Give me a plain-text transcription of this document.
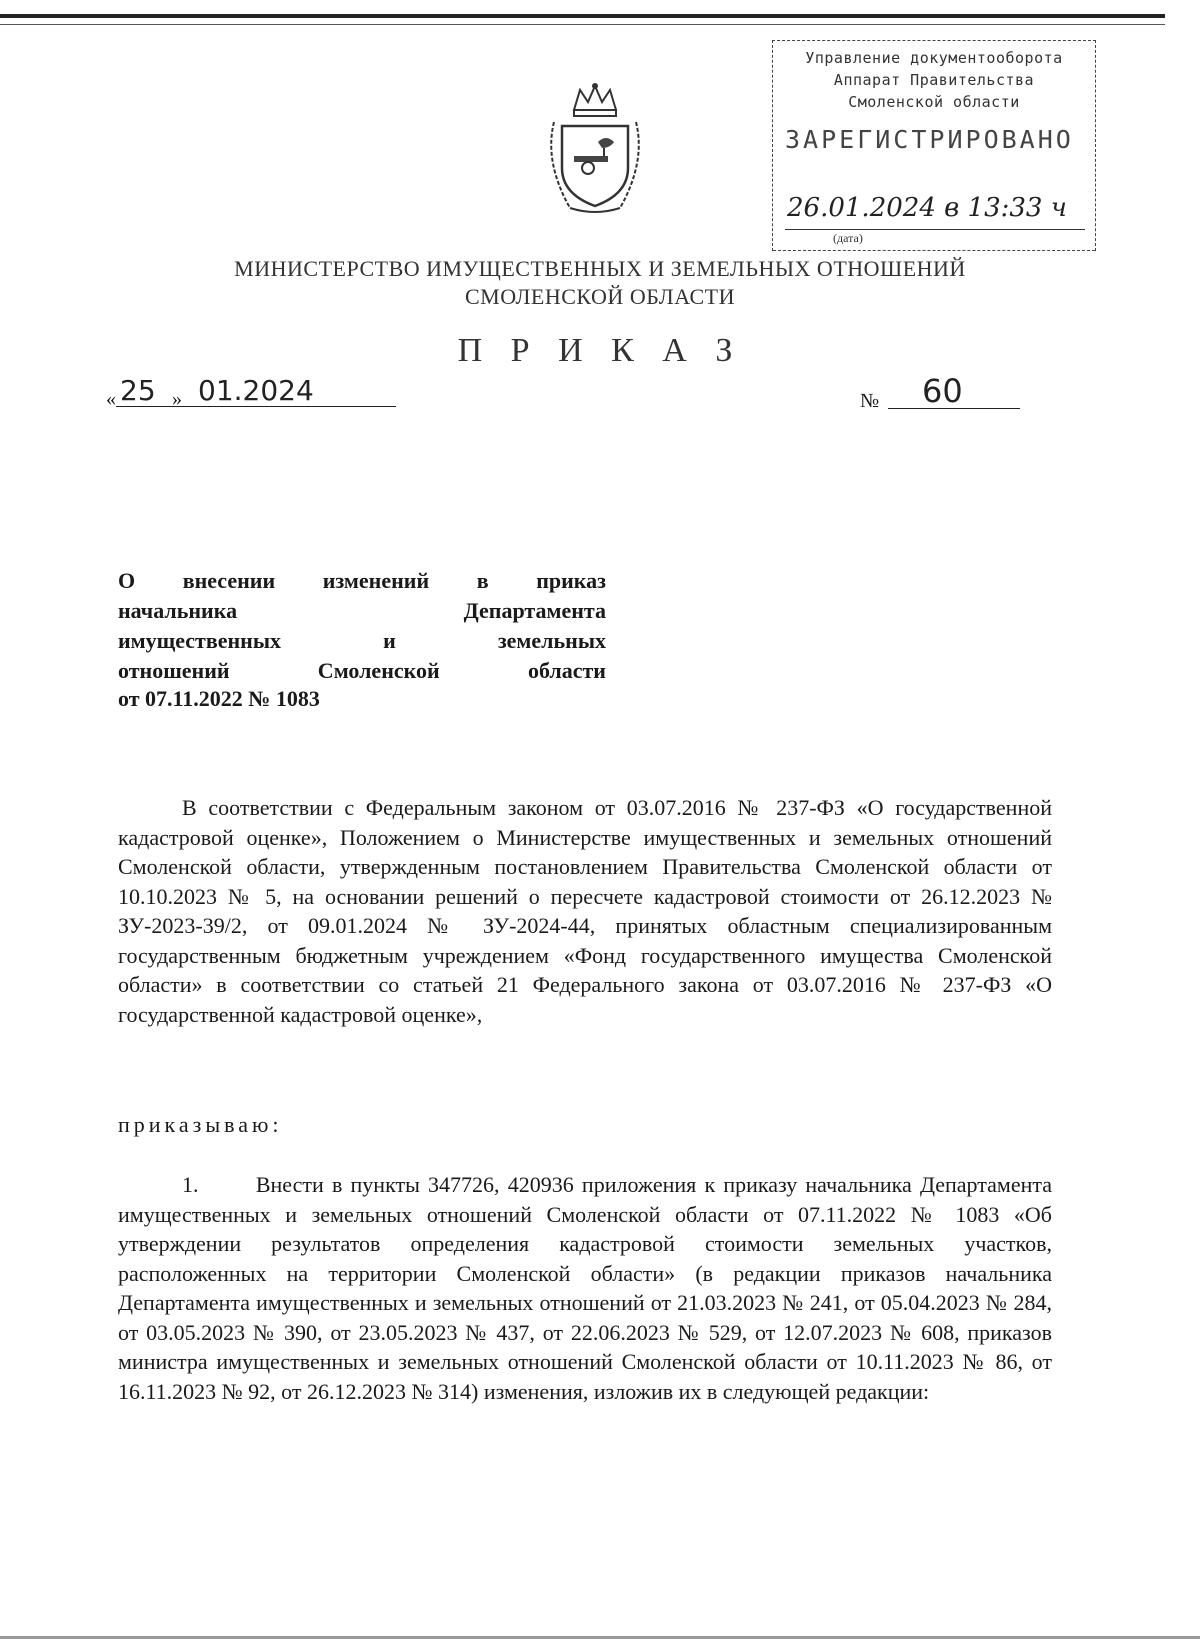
Управление документооборота
Аппарат Правительства
Смоленской области
ЗАРЕГИСТРИРОВАНО
26.01.2024 в 13:33 ч
(дата)
МИНИСТЕРСТВО ИМУЩЕСТВЕННЫХ И ЗЕМЕЛЬНЫХ ОТНОШЕНИЙ
СМОЛЕНСКОЙ ОБЛАСТИ
П Р И К А З
« 25 » 01.2024	№ 60
О внесении изменений в приказ
начальника Департамента
имущественных и земельных
отношений Смоленской области
от 07.11.2022 № 1083
В соответствии с Федеральным законом от 03.07.2016 № 237-ФЗ «О государственной кадастровой оценке», Положением о Министерстве имущественных и земельных отношений Смоленской области, утвержденным постановлением Правительства Смоленской области от 10.10.2023 № 5, на основании решений о пересчете кадастровой стоимости от 26.12.2023 № ЗУ-2023-39/2, от 09.01.2024 № ЗУ-2024-44, принятых областным специализированным государственным бюджетным учреждением «Фонд государственного имущества Смоленской области» в соответствии со статьей 21 Федерального закона от 03.07.2016 № 237-ФЗ «О государственной кадастровой оценке»,
приказываю:
1.	Внести в пункты 347726, 420936 приложения к приказу начальника Департамента имущественных и земельных отношений Смоленской области от 07.11.2022 № 1083 «Об утверждении результатов определения кадастровой стоимости земельных участков, расположенных на территории Смоленской области» (в редакции приказов начальника Департамента имущественных и земельных отношений от 21.03.2023 № 241, от 05.04.2023 № 284, от 03.05.2023 № 390, от 23.05.2023 № 437, от 22.06.2023 № 529, от 12.07.2023 № 608, приказов министра имущественных и земельных отношений Смоленской области от 10.11.2023 № 86, от 16.11.2023 № 92, от 26.12.2023 № 314) изменения, изложив их в следующей редакции:
